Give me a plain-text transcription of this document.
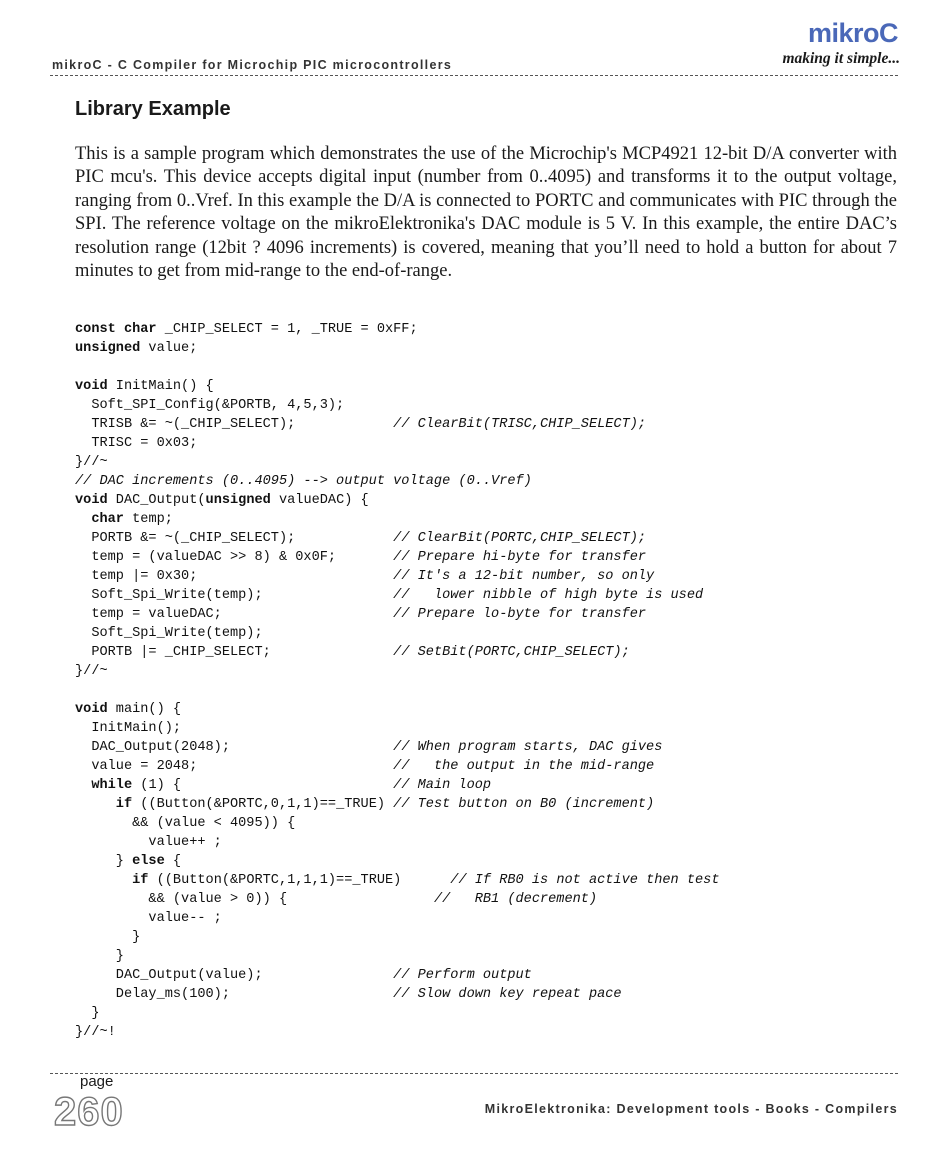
mikroC - C Compiler for Microchip PIC microcontrollers
mikroC
making it simple...
Library Example

This is a sample program which demonstrates the use of the Microchip's MCP4921 12-bit D/A converter with PIC mcu's. This device accepts digital input (number from 0..4095) and transforms it to the output voltage, ranging from 0..Vref. In this example the D/A is connected to PORTC and communicates with PIC through the SPI. The reference voltage on the mikroElektronika's DAC module is 5 V. In this example, the entire DAC’s resolution range (12bit ? 4096 increments) is covered, meaning that you’ll need to hold a button for about 7 minutes to get from mid-range to the end-of-range.

const char _CHIP_SELECT = 1, _TRUE = 0xFF;
unsigned value;
void InitMain() {
Soft_SPI_Config(&PORTB, 4,5,3);
TRISB &= ~(_CHIP_SELECT);            // ClearBit(TRISC,CHIP_SELECT);
TRISC = 0x03;
}//~
// DAC increments (0..4095) --> output voltage (0..Vref)
void DAC_Output(unsigned valueDAC) {
char temp;
PORTB &= ~(_CHIP_SELECT);            // ClearBit(PORTC,CHIP_SELECT);
temp = (valueDAC >> 8) & 0x0F;       // Prepare hi-byte for transfer
temp |= 0x30;                        // It's a 12-bit number, so only
Soft_Spi_Write(temp);                //   lower nibble of high byte is used
temp = valueDAC;                     // Prepare lo-byte for transfer
Soft_Spi_Write(temp);
PORTB |= _CHIP_SELECT;               // SetBit(PORTC,CHIP_SELECT);
}//~
void main() {
InitMain();
DAC_Output(2048);                    // When program starts, DAC gives
value = 2048;                        //   the output in the mid-range
while (1) {                          // Main loop
if ((Button(&PORTC,0,1,1)==_TRUE) // Test button on B0 (increment)
&& (value < 4095)) {
value++ ;
} else {
if ((Button(&PORTC,1,1,1)==_TRUE)      // If RB0 is not active then test
&& (value > 0)) {                  //   RB1 (decrement)
value-- ;
}
}
DAC_Output(value);                // Perform output
Delay_ms(100);                    // Slow down key repeat pace
}
}//~!
page
260	MikroElektronika: Development tools - Books - Compilers
